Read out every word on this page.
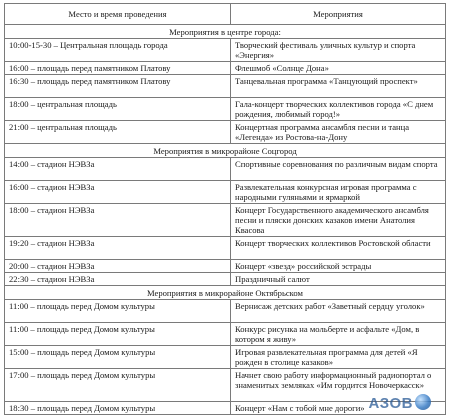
Место и время проведения	Мероприятия
Мероприятия в центре города:	
10:00-15-30 – Центральная площадь города	Творческий фестиваль уличных культур и спорта «Энергия»
16:00 – площадь перед памятником Платову	Флешмоб «Солнце Дона»
16:30 – площадь перед памятником Платову	Танцевальная программа «Танцующий проспект»
18:00 – центральная площадь	Гала-концерт творческих коллективов города «С днем рождения, любимый город!»
21:00 – центральная площадь	Концертная программа ансамбля песни и танца «Легенда» из Ростова-на-Дону
Мероприятия в микрорайоне Соцгород	
14:00 – стадион НЭВЗа	Спортивные соревнования по различным видам спорта
16:00 – стадион НЭВЗа	Развлекательная конкурсная игровая программа с народными гуляньями и ярмаркой
18:00 – стадион НЭВЗа	Концерт Государственного академического ансамбля песни и пляски донских казаков имени Анатолия Квасова
19:20 – стадион НЭВЗа	Концерт творческих коллективов Ростовской области
20:00 – стадион НЭВЗа	Концерт «звезд» российской эстрады
22:30 – стадион НЭВЗа	Праздничный салют
Мероприятия в микрорайоне Октябрьском	
11:00 – площадь перед Домом культуры	Вернисаж детских работ «Заветный сердцу уголок»
11:00 – площадь перед Домом культуры	Конкурс рисунка на мольберте и асфальте «Дом, в котором я живу»
15:00 – площадь перед Домом культуры	Игровая развлекательная программа для детей «Я рожден в столице казаков»
17:00 – площадь перед Домом культуры	Начнет свою работу информационный радиопортал о знаменитых земляках «Им гордится Новочеркасск»
18:30 – площадь перед Домом культуры	Концерт «Нам с тобой мне дороги» АЗОВ
